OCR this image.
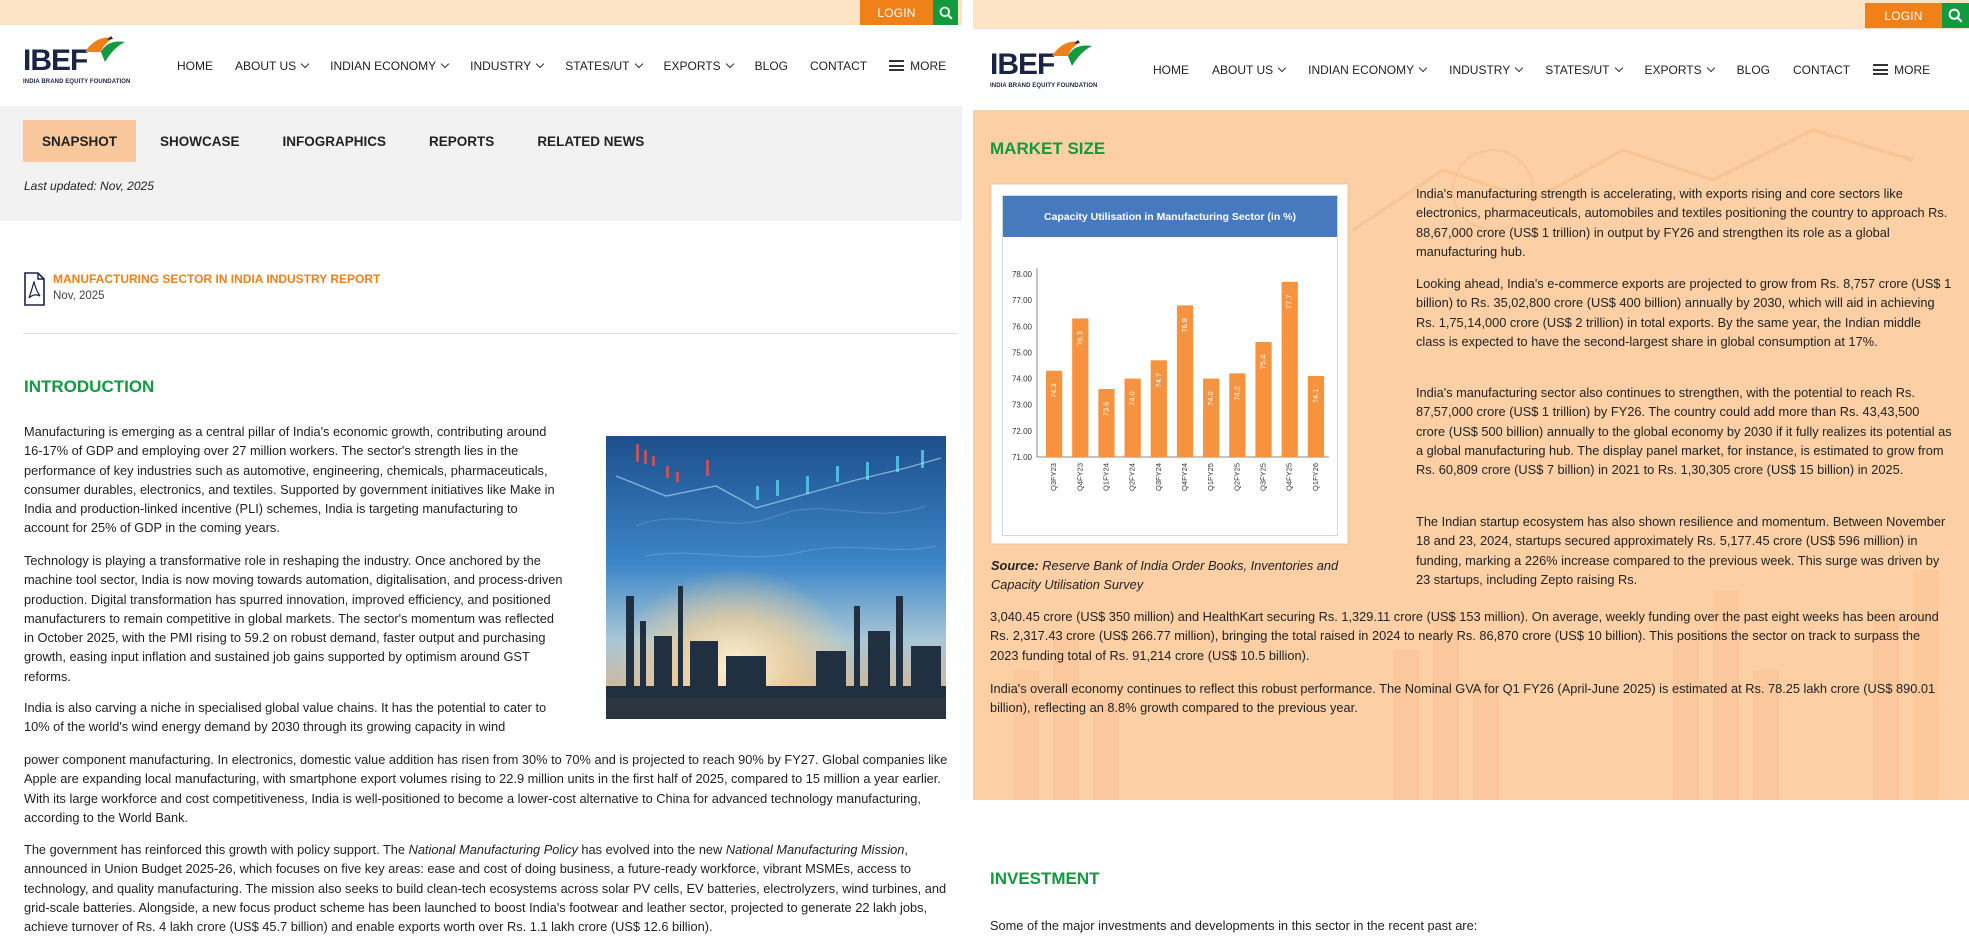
LOGIN
IBEF
INDIA BRAND EQUITY FOUNDATION
HOME ABOUT US	INDIAN ECONOMY	INDUSTRY	STATES/UT	EXPORTS	BLOG CONTACT	MORE
SNAPSHOT	SHOWCASE	INFOGRAPHICS	REPORTS	RELATED NEWS
Last updated: Nov, 2025
MANUFACTURING SECTOR IN INDIA INDUSTRY REPORT
Nov, 2025
INTRODUCTION

Manufacturing is emerging as a central pillar of India's economic growth, contributing around 16-17% of GDP and employing over 27 million workers. The sector's strength lies in the performance of key industries such as automotive, engineering, chemicals, pharmaceuticals, consumer durables, electronics, and textiles. Supported by government initiatives like Make in India and production-linked incentive (PLI) schemes, India is targeting manufacturing to account for 25% of GDP in the coming years.

Technology is playing a transformative role in reshaping the industry. Once anchored by the machine tool sector, India is now moving towards automation, digitalisation, and process-driven production. Digital transformation has spurred innovation, improved efficiency, and positioned manufacturers to remain competitive in global markets. The sector's momentum was reflected in October 2025, with the PMI rising to 59.2 on robust demand, faster output and purchasing growth, easing input inflation and sustained job gains supported by optimism around GST reforms.

India is also carving a niche in specialised global value chains. It has the potential to cater to 10% of the world's wind energy demand by 2030 through its growing capacity in wind

power component manufacturing. In electronics, domestic value addition has risen from 30% to 70% and is projected to reach 90% by FY27. Global companies like Apple are expanding local manufacturing, with smartphone export volumes rising to 22.9 million units in the first half of 2025, compared to 15 million a year earlier. With its large workforce and cost competitiveness, India is well-positioned to become a lower-cost alternative to China for advanced technology manufacturing, according to the World Bank.

The government has reinforced this growth with policy support. The National Manufacturing Policy has evolved into the new National Manufacturing Mission, announced in Union Budget 2025-26, which focuses on five key areas: ease and cost of doing business, a future-ready workforce, vibrant MSMEs, access to technology, and quality manufacturing. The mission also seeks to build clean-tech ecosystems across solar PV cells, EV batteries, electrolyzers, wind turbines, and grid-scale batteries. Alongside, a new focus product scheme has been launched to boost India's footwear and leather sector, projected to generate 22 lakh jobs, achieve turnover of Rs. 4 lakh crore (US$ 45.7 billion) and enable exports worth over Rs. 1.1 lakh crore (US$ 12.6 billion).

LOGIN
IBEF
INDIA BRAND EQUITY FOUNDATION
HOME ABOUT US	INDIAN ECONOMY	INDUSTRY	STATES/UT	EXPORTS	BLOG CONTACT	MORE
MARKET SIZE
Capacity Utilisation in Manufacturing Sector (in %)
71.00
72.00
73.00
74.00
75.00
76.00
77.00
78.00
74.3
Q3FY23
76.3
Q4FY23
73.6
Q1FY24
74.0
Q2FY24
74.7
Q3FY24
76.8
Q4FY24
74.0
Q1FY25
74.2
Q2FY25
75.4
Q3FY25
77.7
Q4FY25
74.1
Q1FY26

Source: Reserve Bank of India Order Books, Inventories and Capacity Utilisation Survey

India's manufacturing strength is accelerating, with exports rising and core sectors like electronics, pharmaceuticals, automobiles and textiles positioning the country to approach Rs. 88,67,000 crore (US$ 1 trillion) in output by FY26 and strengthen its role as a global manufacturing hub.

Looking ahead, India's e-commerce exports are projected to grow from Rs. 8,757 crore (US$ 1 billion) to Rs. 35,02,800 crore (US$ 400 billion) annually by 2030, which will aid in achieving Rs. 1,75,14,000 crore (US$ 2 trillion) in total exports. By the same year, the Indian middle class is expected to have the second-largest share in global consumption at 17%.

India's manufacturing sector also continues to strengthen, with the potential to reach Rs. 87,57,000 crore (US$ 1 trillion) by FY26. The country could add more than Rs. 43,43,500 crore (US$ 500 billion) annually to the global economy by 2030 if it fully realizes its potential as a global manufacturing hub. The display panel market, for instance, is estimated to grow from Rs. 60,809 crore (US$ 7 billion) in 2021 to Rs. 1,30,305 crore (US$ 15 billion) in 2025.

The Indian startup ecosystem has also shown resilience and momentum. Between November 18 and 23, 2024, startups secured approximately Rs. 5,177.45 crore (US$ 596 million) in funding, marking a 226% increase compared to the previous week. This surge was driven by 23 startups, including Zepto raising Rs.

3,040.45 crore (US$ 350 million) and HealthKart securing Rs. 1,329.11 crore (US$ 153 million). On average, weekly funding over the past eight weeks has been around Rs. 2,317.43 crore (US$ 266.77 million), bringing the total raised in 2024 to nearly Rs. 86,870 crore (US$ 10 billion). This positions the sector on track to surpass the 2023 funding total of Rs. 91,214 crore (US$ 10.5 billion).

India's overall economy continues to reflect this robust performance. The Nominal GVA for Q1 FY26 (April-June 2025) is estimated at Rs. 78.25 lakh crore (US$ 890.01 billion), reflecting an 8.8% growth compared to the previous year.

INVESTMENT

Some of the major investments and developments in this sector in the recent past are:
